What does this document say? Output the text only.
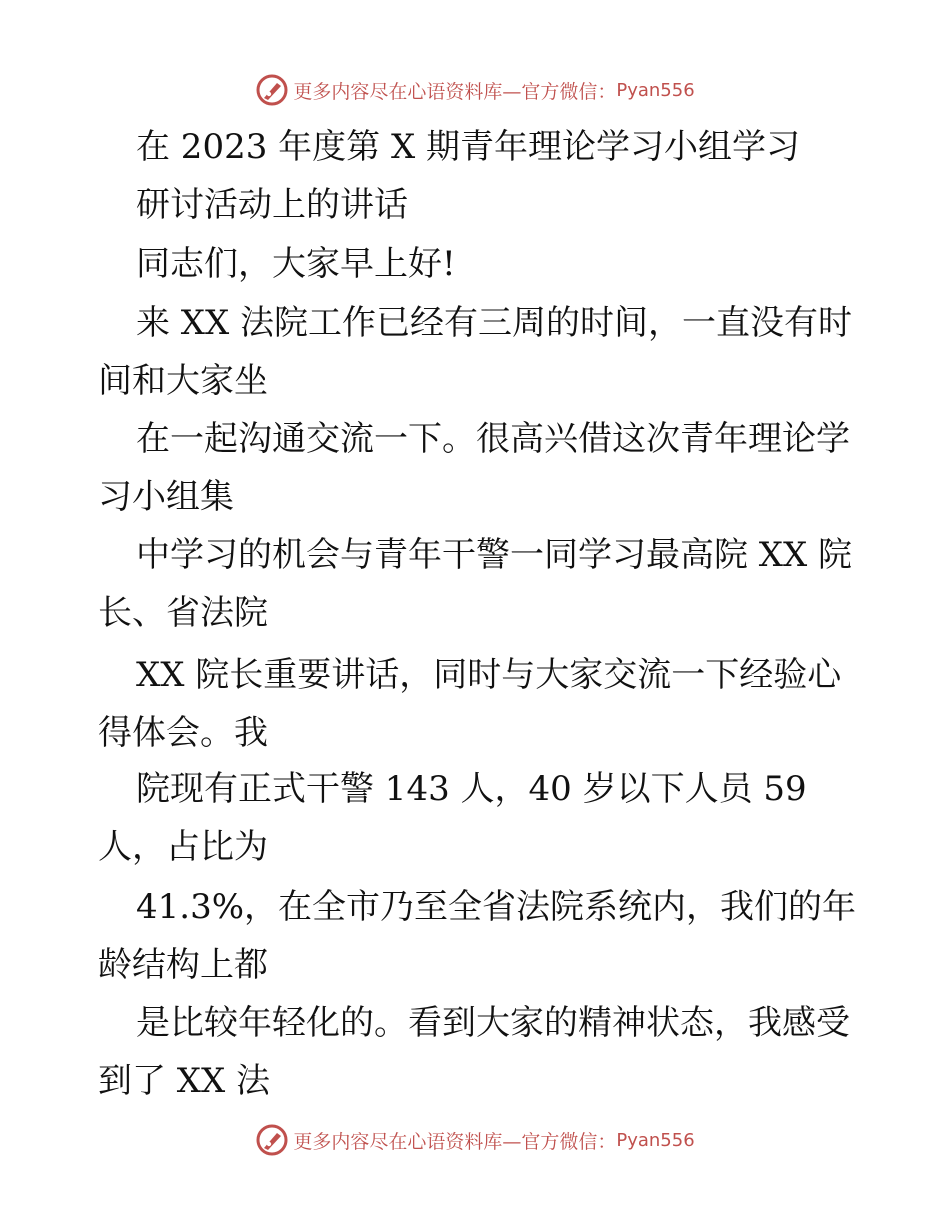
更多内容尽在心语资料库—官方微信： Pyan556
在 2023 年度第 X 期青年理论学习小组学习
研讨活动上的讲话
同志们，大家早上好!
来 XX 法院工作已经有三周的时间，一直没有时
间和大家坐
在一起沟通交流一下。很高兴借这次青年理论学
习小组集
中学习的机会与青年干警一同学习最高院 XX 院
长、省法院
XX 院长重要讲话，同时与大家交流一下经验心
得体会。我
院现有正式干警 143 人，40 岁以下人员 59
人，占比为
41.3%，在全市乃至全省法院系统内，我们的年
龄结构上都
是比较年轻化的。看到大家的精神状态，我感受
到了 XX 法
更多内容尽在心语资料库—官方微信： Pyan556
